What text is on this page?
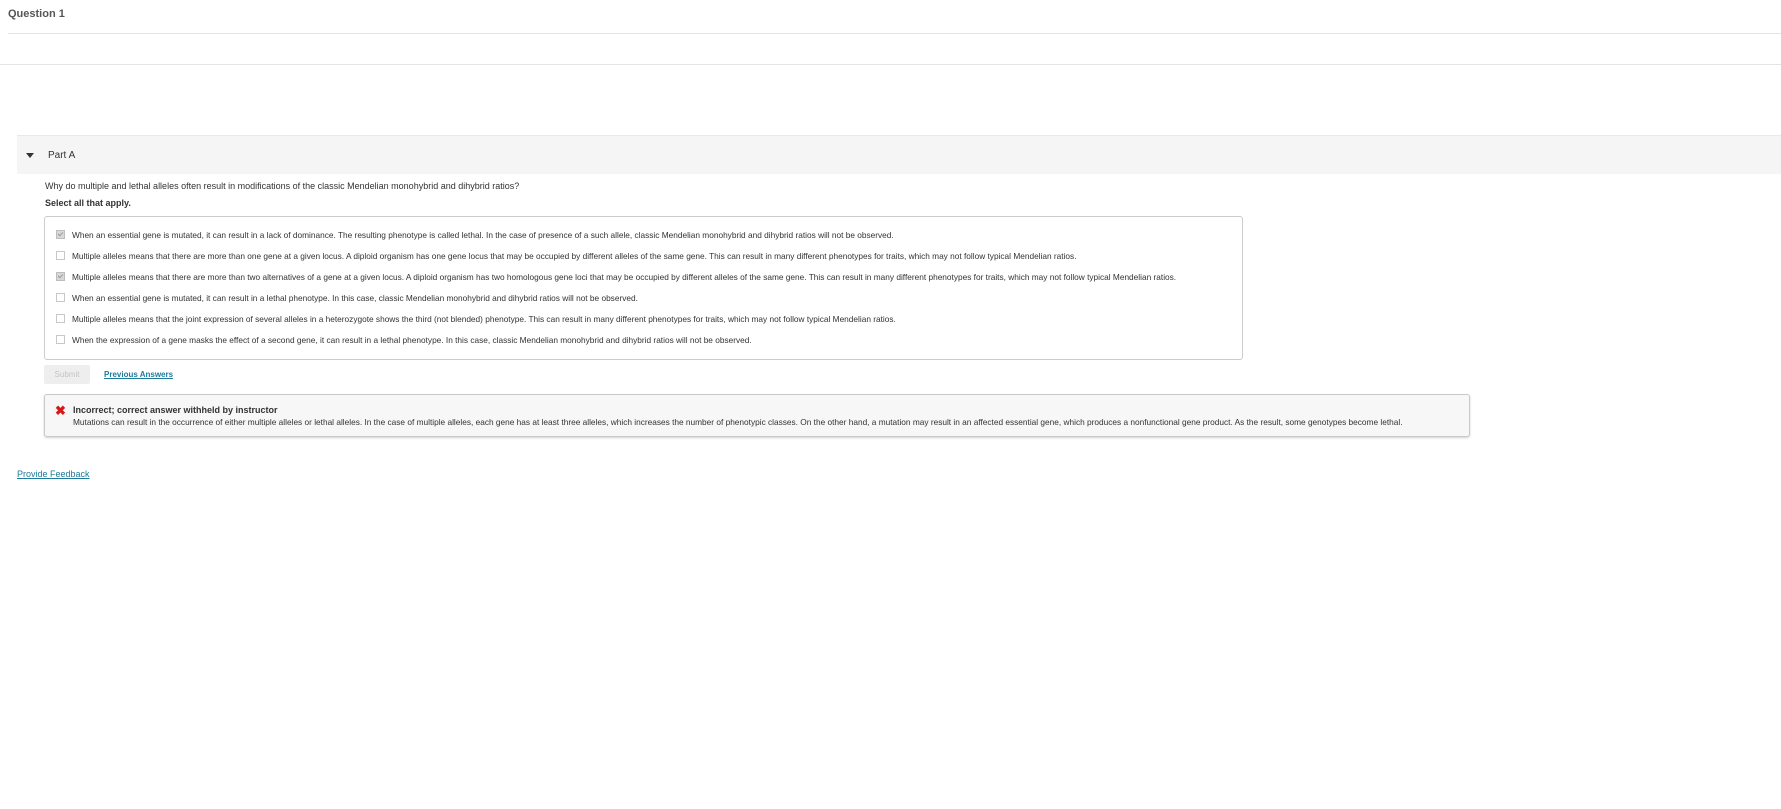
Question 1
Part A
Why do multiple and lethal alleles often result in modifications of the classic Mendelian monohybrid and dihybrid ratios?
Select all that apply.
When an essential gene is mutated, it can result in a lack of dominance. The resulting phenotype is called lethal. In the case of presence of a such allele, classic Mendelian monohybrid and dihybrid ratios will not be observed.
Multiple alleles means that there are more than one gene at a given locus. A diploid organism has one gene locus that may be occupied by different alleles of the same gene. This can result in many different phenotypes for traits, which may not follow typical Mendelian ratios.
Multiple alleles means that there are more than two alternatives of a gene at a given locus. A diploid organism has two homologous gene loci that may be occupied by different alleles of the same gene. This can result in many different phenotypes for traits, which may not follow typical Mendelian ratios.
When an essential gene is mutated, it can result in a lethal phenotype. In this case, classic Mendelian monohybrid and dihybrid ratios will not be observed.
Multiple alleles means that the joint expression of several alleles in a heterozygote shows the third (not blended) phenotype. This can result in many different phenotypes for traits, which may not follow typical Mendelian ratios.
When the expression of a gene masks the effect of a second gene, it can result in a lethal phenotype. In this case, classic Mendelian monohybrid and dihybrid ratios will not be observed.
Submit	Previous Answers
✖ Incorrect; correct answer withheld by instructor
Mutations can result in the occurrence of either multiple alleles or lethal alleles. In the case of multiple alleles, each gene has at least three alleles, which increases the number of phenotypic classes. On the other hand, a mutation may result in an affected essential gene, which produces a nonfunctional gene product. As the result, some genotypes become lethal.
Provide Feedback
